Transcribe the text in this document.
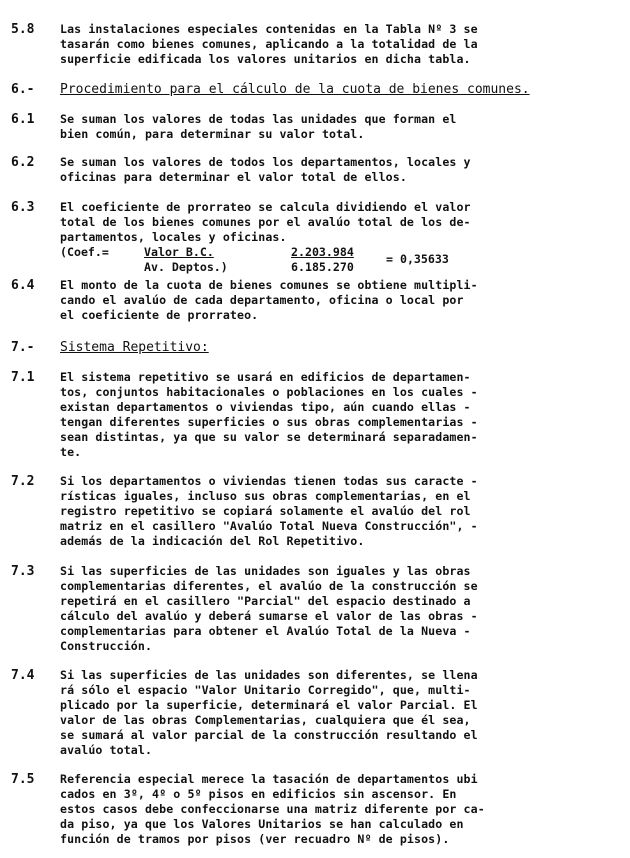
5.8 Las instalaciones especiales contenidas en la Tabla Nº 3 se
tasarán como bienes comunes, aplicando a la totalidad de la
superficie edificada los valores unitarios en dicha tabla.
6.- Procedimiento para el cálculo de la cuota de bienes comunes.
6.1 Se suman los valores de todas las unidades que forman el
bien común, para determinar su valor total.
6.2 Se suman los valores de todos los departamentos, locales y
oficinas para determinar el valor total de ellos.
6.3 El coeficiente de prorrateo se calcula dividiendo el valor
total de los bienes comunes por el avalúo total de los de-
partamentos, locales y oficinas.
(Coef.=	Valor B.C.
Av. Deptos.)
2.203.984
6.185.270
= 0,35633
6.4 El monto de la cuota de bienes comunes se obtiene multipli-
cando el avalúo de cada departamento, oficina o local por
el coeficiente de prorrateo.
7.- Sistema Repetitivo:
7.1 El sistema repetitivo se usará en edificios de departamen-
tos, conjuntos habitacionales o poblaciones en los cuales -
existan departamentos o viviendas tipo, aún cuando ellas -
tengan diferentes superficies o sus obras complementarias -
sean distintas, ya que su valor se determinará separadamen-
te.
7.2 Si los departamentos o viviendas tienen todas sus caracte -
rísticas iguales, incluso sus obras complementarias, en el
registro repetitivo se copiará solamente el avalúo del rol
matriz en el casillero "Avalúo Total Nueva Construcción", -
además de la indicación del Rol Repetitivo.
7.3 Si las superficies de las unidades son iguales y las obras
complementarias diferentes, el avalúo de la construcción se
repetirá en el casillero "Parcial" del espacio destinado a
cálculo del avalúo y deberá sumarse el valor de las obras -
complementarias para obtener el Avalúo Total de la Nueva -
Construcción.
7.4 Si las superficies de las unidades son diferentes, se llena
rá sólo el espacio "Valor Unitario Corregido", que, multi-
plicado por la superficie, determinará el valor Parcial. El
valor de las obras Complementarias, cualquiera que él sea,
se sumará al valor parcial de la construcción resultando el
avalúo total.
7.5 Referencia especial merece la tasación de departamentos ubi
cados en 3º, 4º o 5º pisos en edificios sin ascensor. En
estos casos debe confeccionarse una matriz diferente por ca-
da piso, ya que los Valores Unitarios se han calculado en
función de tramos por pisos (ver recuadro Nº de pisos).
